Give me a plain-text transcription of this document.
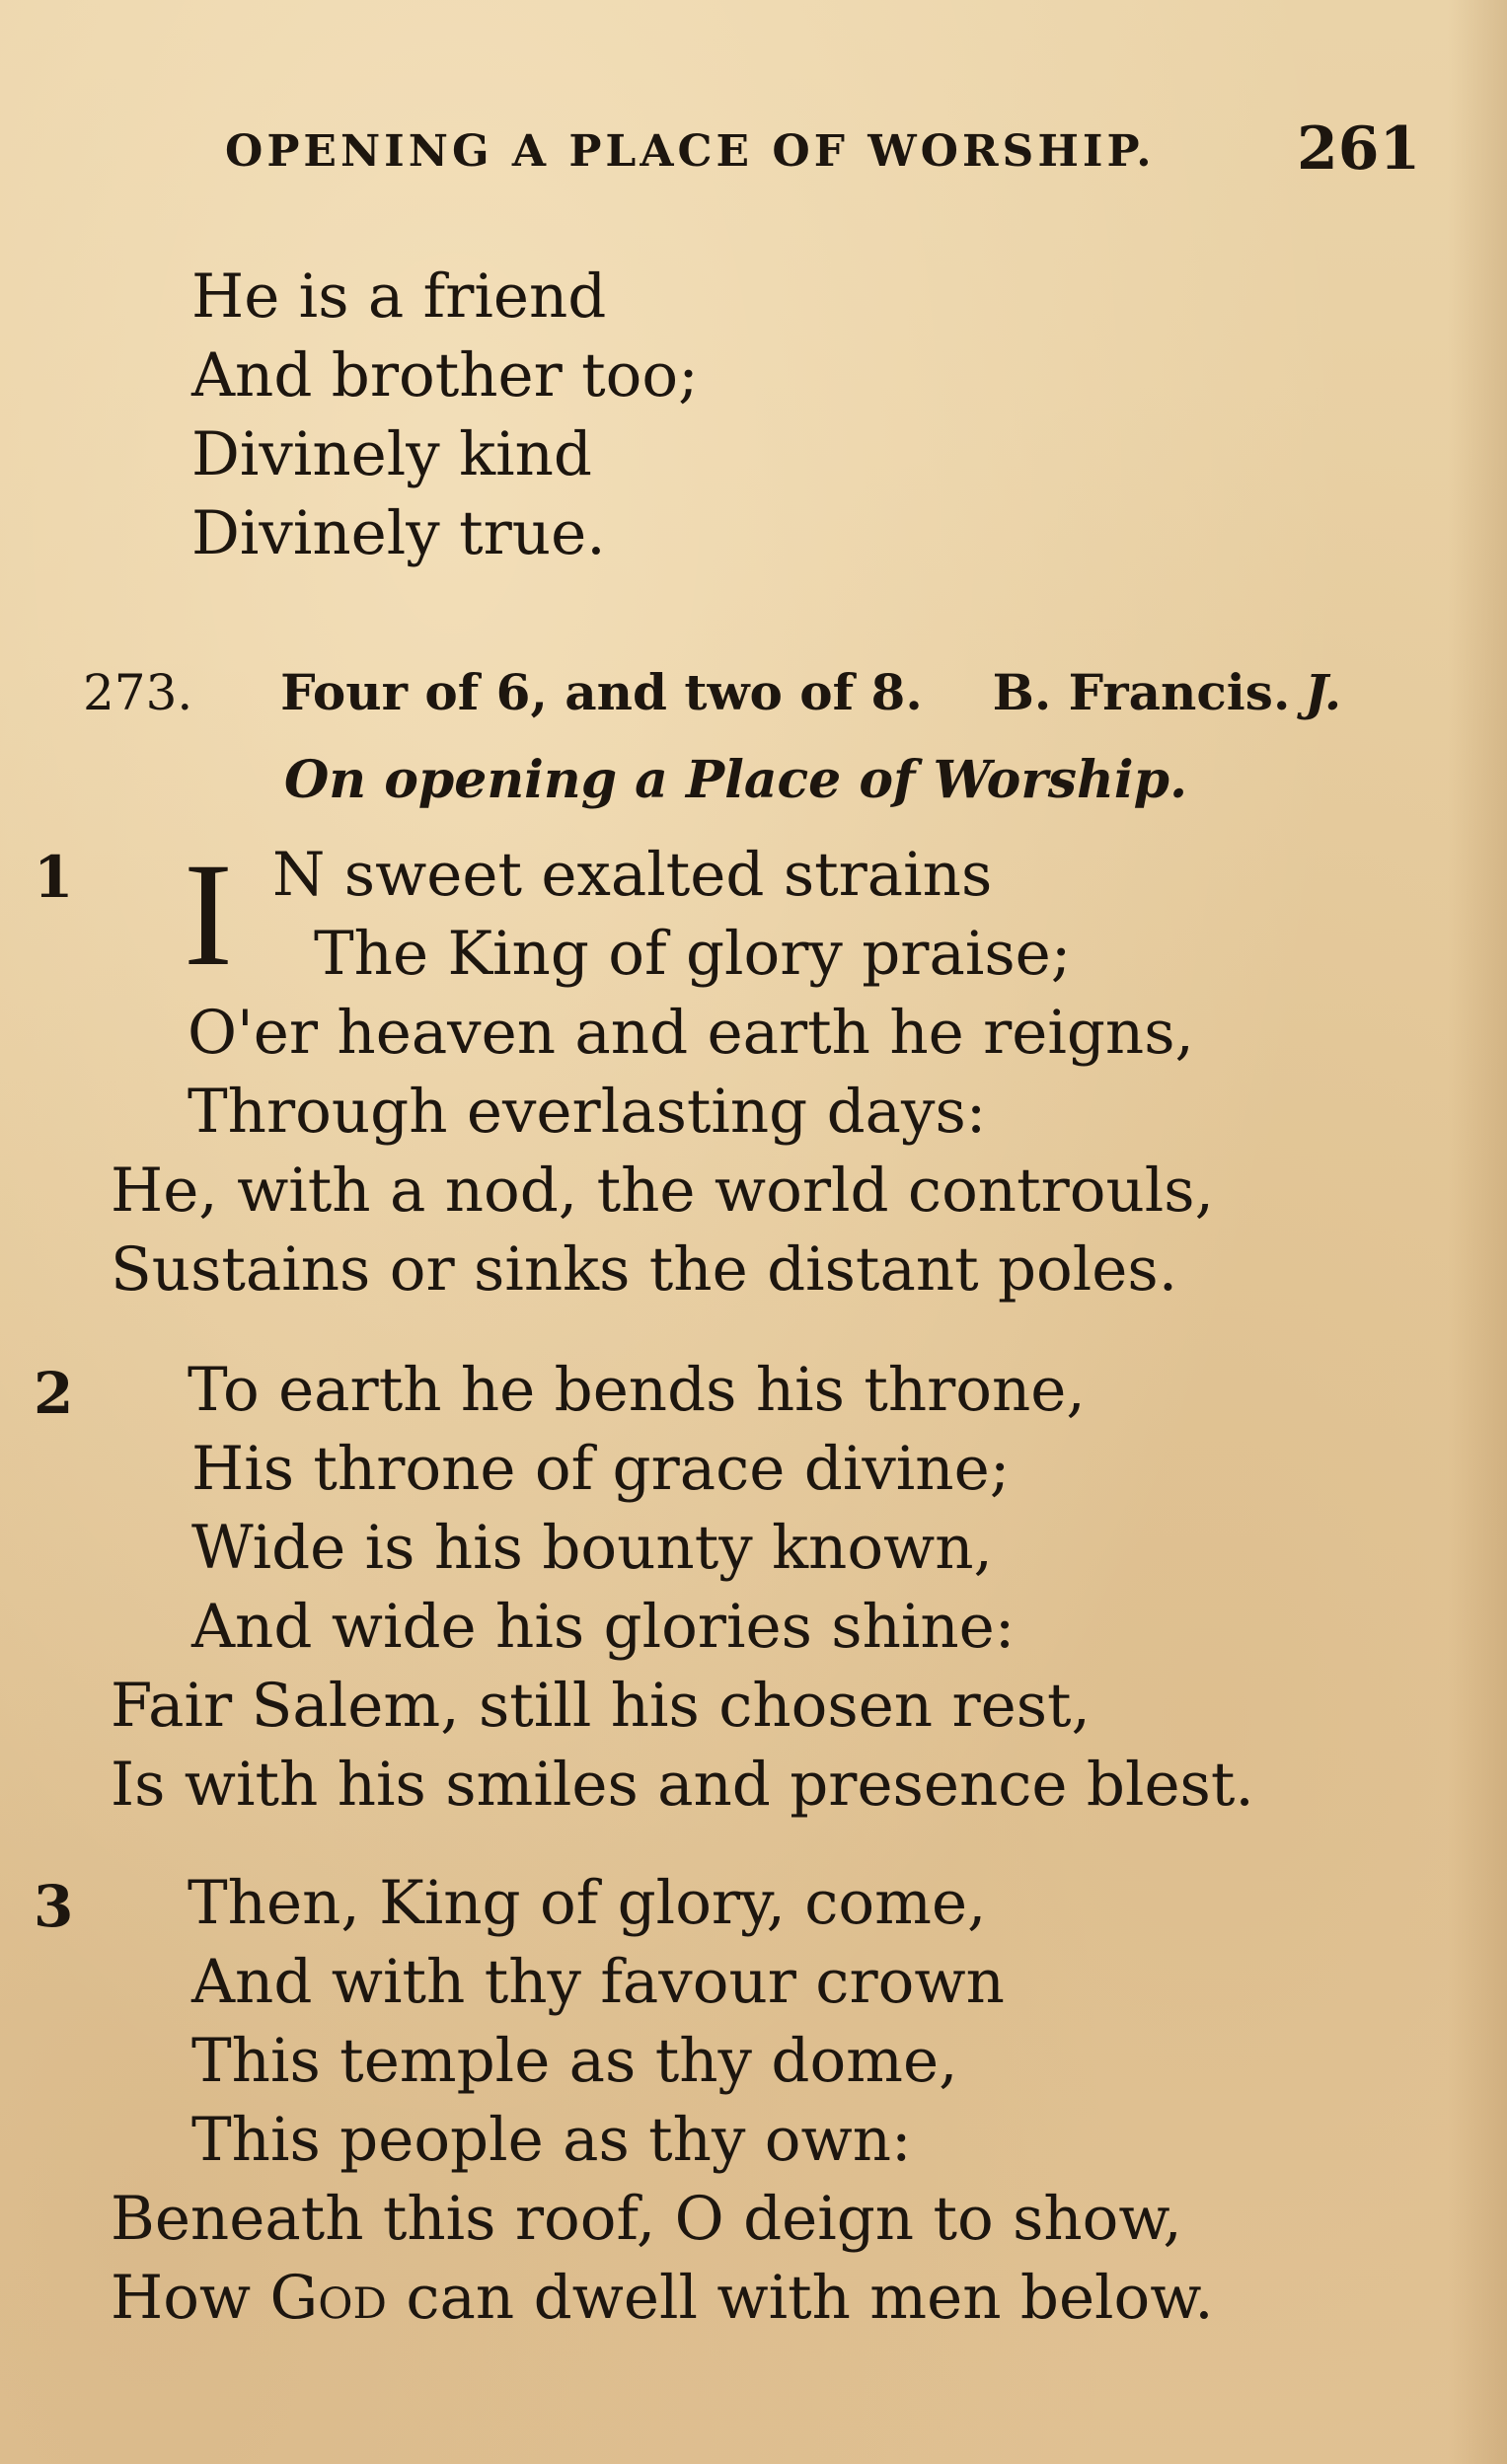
OPENING A PLACE OF WORSHIP. 261
He is a friend
And brother too;
Divinely kind
Divinely true.
273. Four of 6, and two of 8. B. Francis. J.
On opening a Place of Worship.
1 I N sweet exalted strains
The King of glory praise;
O'er heaven and earth he reigns,
Through everlasting days:
He, with a nod, the world controuls,
Sustains or sinks the distant poles.
2 To earth he bends his throne,
His throne of grace divine;
Wide is his bounty known,
And wide his glories shine:
Fair Salem, still his chosen rest,
Is with his smiles and presence blest.
3 Then, King of glory, come,
And with thy favour crown
This temple as thy dome,
This people as thy own:
Beneath this roof, O deign to show,
How God can dwell with men below.
